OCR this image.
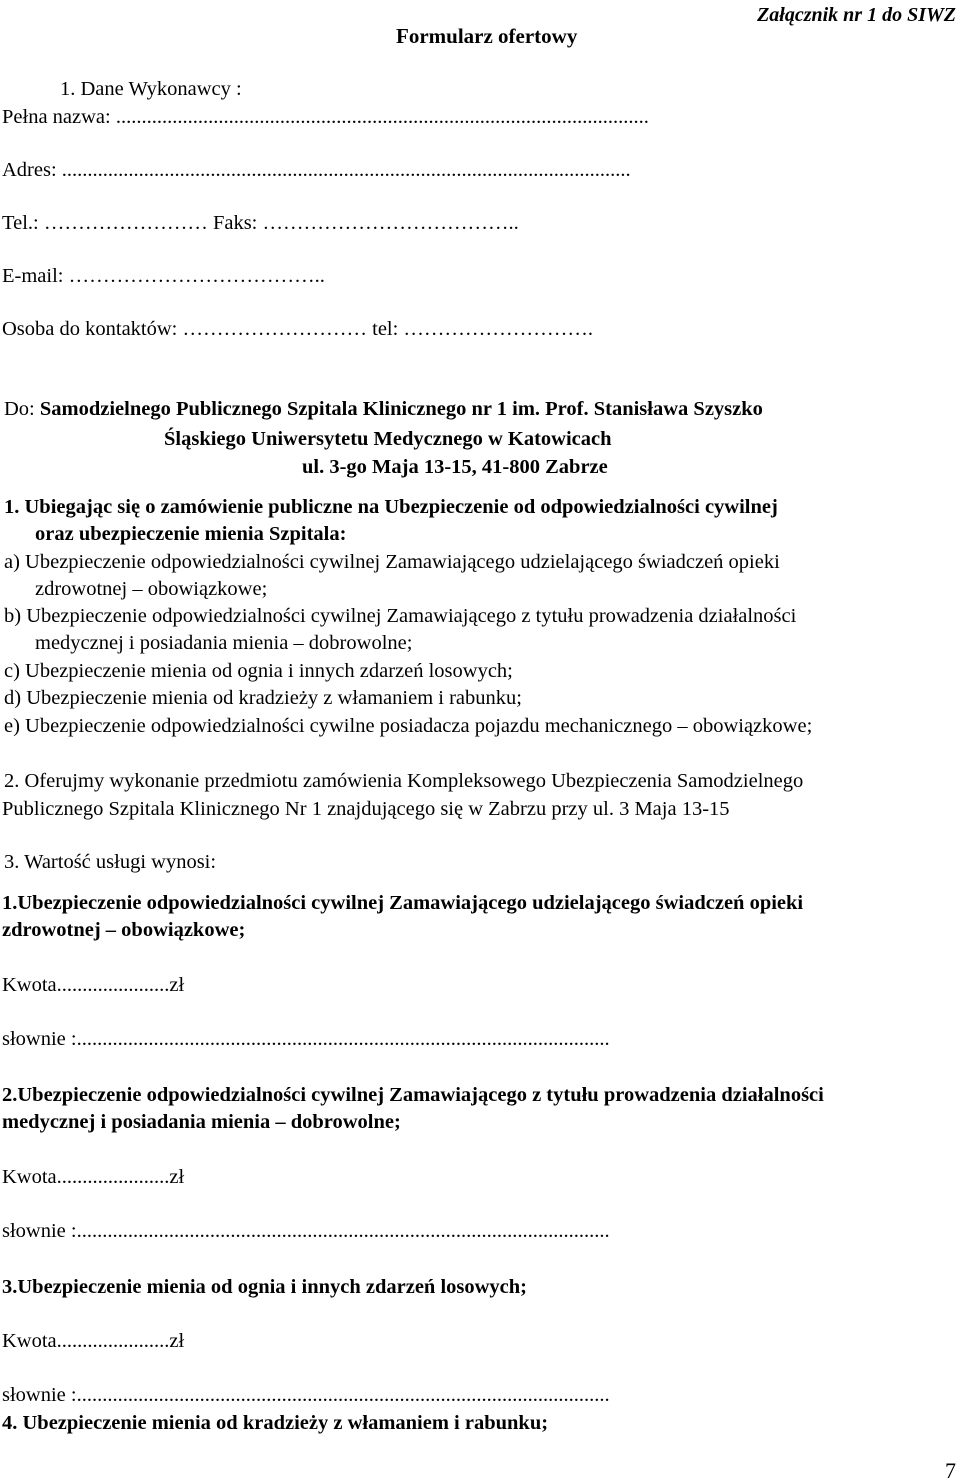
Załącznik nr 1 do SIWZ
Formularz ofertowy
1. Dane Wykonawcy :
Pełna nazwa: ........................................................................................................
Adres: ...............................................................................................................
Tel.: …………………… Faks: ………………………………..
E-mail: ………………………………..
Osoba do kontaktów: ……………………… tel: ……………………….
Do: Samodzielnego Publicznego Szpitala Klinicznego nr 1 im. Prof. Stanisława Szyszko
Śląskiego Uniwersytetu Medycznego w Katowicach
ul. 3-go Maja 13-15, 41-800 Zabrze
1. Ubiegając się o zamówienie publiczne na Ubezpieczenie od odpowiedzialności cywilnej
oraz ubezpieczenie mienia Szpitala:
a) Ubezpieczenie odpowiedzialności cywilnej Zamawiającego udzielającego świadczeń opieki
zdrowotnej – obowiązkowe;
b) Ubezpieczenie odpowiedzialności cywilnej Zamawiającego z tytułu prowadzenia działalności
medycznej i posiadania mienia – dobrowolne;
c) Ubezpieczenie mienia od ognia i innych zdarzeń losowych;
d) Ubezpieczenie mienia od kradzieży z włamaniem i rabunku;
e) Ubezpieczenie odpowiedzialności cywilne posiadacza pojazdu mechanicznego – obowiązkowe;
2. Oferujmy wykonanie przedmiotu zamówienia Kompleksowego Ubezpieczenia Samodzielnego
Publicznego Szpitala Klinicznego Nr 1 znajdującego się w Zabrzu przy ul. 3 Maja 13-15
3. Wartość usługi wynosi:
1.Ubezpieczenie odpowiedzialności cywilnej Zamawiającego udzielającego świadczeń opieki
zdrowotnej – obowiązkowe;
Kwota......................zł
słownie :........................................................................................................
2.Ubezpieczenie odpowiedzialności cywilnej Zamawiającego z tytułu prowadzenia działalności
medycznej i posiadania mienia – dobrowolne;
Kwota......................zł
słownie :........................................................................................................
3.Ubezpieczenie mienia od ognia i innych zdarzeń losowych;
Kwota......................zł
słownie :........................................................................................................
4. Ubezpieczenie mienia od kradzieży z włamaniem i rabunku;
7
